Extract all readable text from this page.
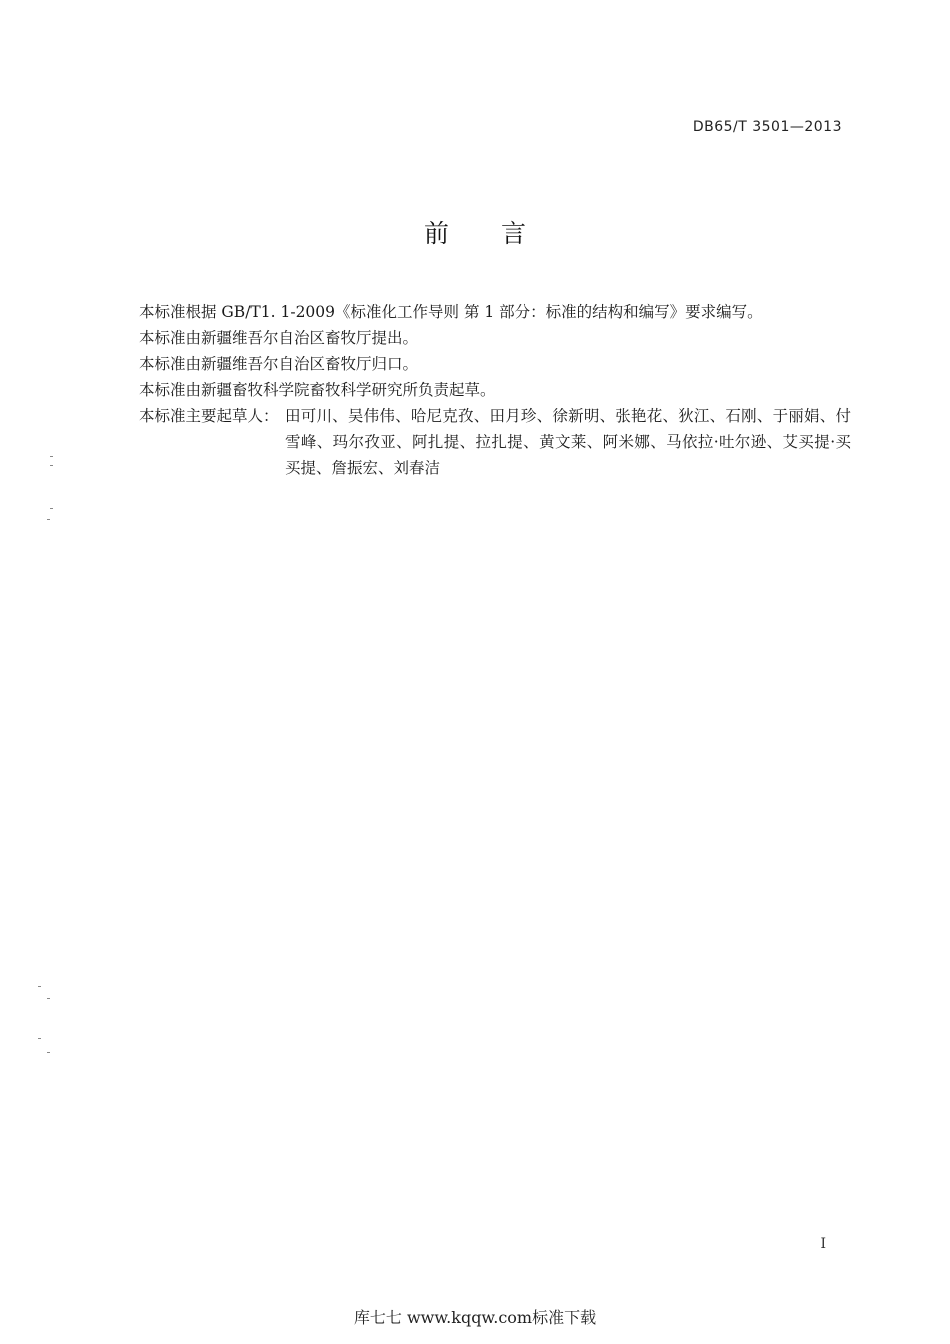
DB65/T 3501—2013
前 言

本标准根据 GB/T1. 1-2009《标准化工作导则 第 1 部分：标准的结构和编写》要求编写。

本标准由新疆维吾尔自治区畜牧厅提出。

本标准由新疆维吾尔自治区畜牧厅归口。

本标准由新疆畜牧科学院畜牧科学研究所负责起草。

本标准主要起草人： 田可川、吴伟伟、哈尼克孜、田月珍、徐新明、张艳花、狄江、石刚、于丽娟、付雪峰、玛尔孜亚、阿扎提、拉扎提、黄文莱、阿米娜、马依拉·吐尔逊、艾买提·买买提、詹振宏、刘春洁
I
库七七 www.kqqw.com标准下载
